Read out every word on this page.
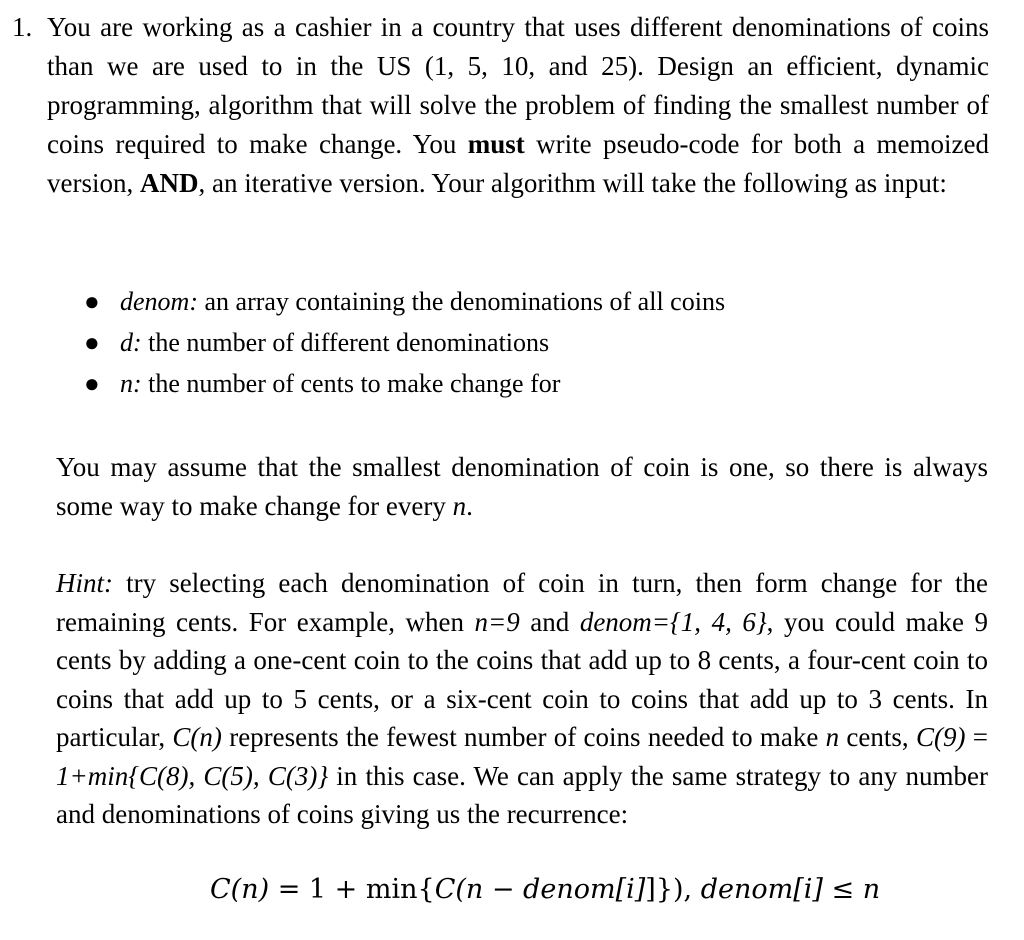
1. You are working as a cashier in a country that uses different denominations of coins than we are used to in the US (1, 5, 10, and 25). Design an efficient, dynamic programming, algorithm that will solve the problem of finding the smallest number of coins required to make change. You must write pseudo-code for both a memoized version, AND, an iterative version. Your algorithm will take the following as input:
● denom: an array containing the denominations of all coins
● d: the number of different denominations
● n: the number of cents to make change for
You may assume that the smallest denomination of coin is one, so there is always some way to make change for every n.
Hint: try selecting each denomination of coin in turn, then form change for the remaining cents. For example, when n=9 and denom={1, 4, 6}, you could make 9 cents by adding a one-cent coin to the coins that add up to 8 cents, a four-cent coin to coins that add up to 5 cents, or a six-cent coin to coins that add up to 3 cents. In particular, C(n) represents the fewest number of coins needed to make n cents, C(9) = 1+min{C(8), C(5), C(3)} in this case. We can apply the same strategy to any number and denominations of coins giving us the recurrence:
C(n) = 1 + min{C(n − denom[i]]}), denom[i] ≤ n
